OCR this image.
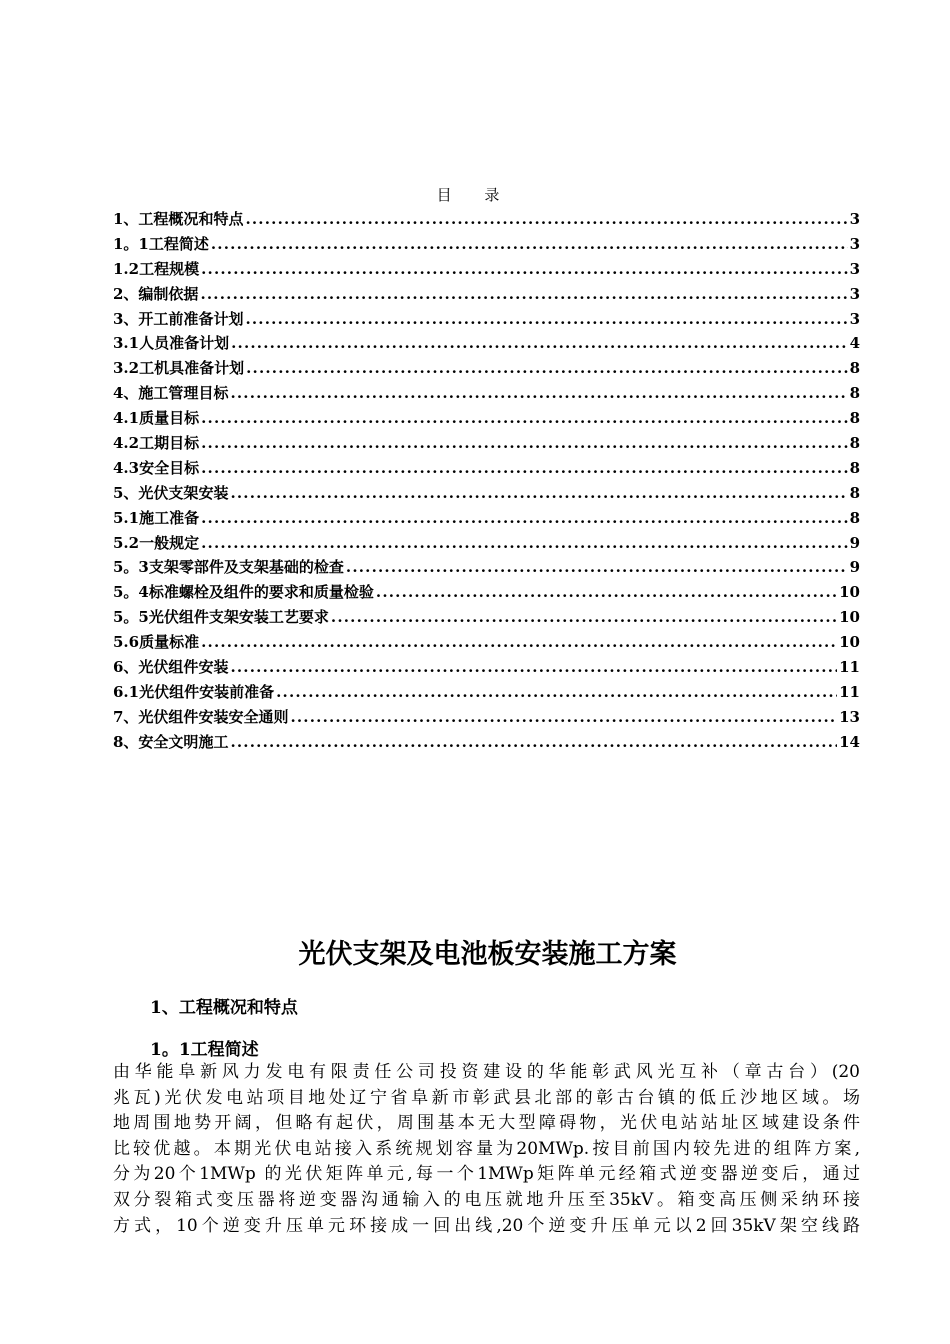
目 录
1、工程概况和特点 .....	3
1。1工程简述 .....	3
1.2工程规模 .....	3
2、编制依据 .....	3
3、开工前准备计划 .....	3
3.1人员准备计划 .....	4
3.2工机具准备计划 .....	8
4、施工管理目标 .....	8
4.1质量目标 .....	8
4.2工期目标 .....	8
4.3安全目标 .....	8
5、光伏支架安装 .....	8
5.1施工准备 .....	8
5.2一般规定 .....	9
5。3支架零部件及支架基础的检查 .....	9
5。4标准螺栓及组件的要求和质量检验 .....	10
5。5光伏组件支架安装工艺要求 .....	10
5.6质量标准 .....	10
6、光伏组件安装 .....	11
6.1光伏组件安装前准备 .....	11
7、光伏组件安装安全通则 .....	13
8、安全文明施工 .....	14
光伏支架及电池板安装施工方案
1、工程概况和特点
1。1工程简述
由华能阜新风力发电有限责任公司投资建设的华能彰武风光互补（章古台）(20
兆瓦)光伏发电站项目地处辽宁省阜新市彰武县北部的彰古台镇的低丘沙地区域。场
地周围地势开阔，但略有起伏，周围基本无大型障碍物，光伏电站站址区域建设条件
比较优越。本期光伏电站接入系统规划容量为20MWp.按目前国内较先进的组阵方案,
分为20个1MWp 的光伏矩阵单元,每一个1MWp矩阵单元经箱式逆变器逆变后，通过
双分裂箱式变压器将逆变器沟通输入的电压就地升压至35kV。箱变高压侧采纳环接
方式，10个逆变升压单元环接成一回出线,20个逆变升压单元以2回35kV架空线路
